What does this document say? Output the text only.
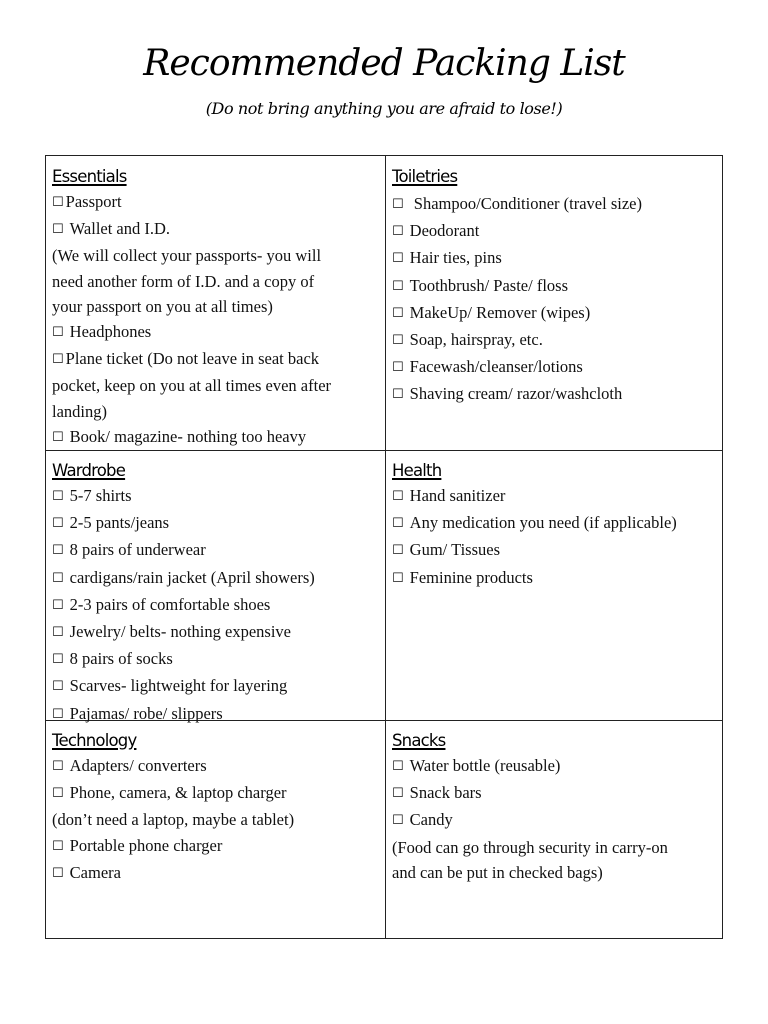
Recommended Packing List
(Do not bring anything you are afraid to lose!)
Essentials
☐ Passport
☐ Wallet and I.D.
(We will collect your passports- you will
need another form of I.D. and a copy of
your passport on you at all times)
☐ Headphones
☐ Plane ticket (Do not leave in seat back
pocket, keep on you at all times even after
landing)
☐ Book/ magazine- nothing too heavy
Toiletries
☐ Shampoo/Conditioner (travel size)
☐ Deodorant
☐ Hair ties, pins
☐ Toothbrush/ Paste/ floss
☐ MakeUp/ Remover (wipes)
☐ Soap, hairspray, etc.
☐ Facewash/cleanser/lotions
☐ Shaving cream/ razor/washcloth
Wardrobe
☐ 5-7 shirts
☐ 2-5 pants/jeans
☐ 8 pairs of underwear
☐ cardigans/rain jacket (April showers)
☐ 2-3 pairs of comfortable shoes
☐ Jewelry/ belts- nothing expensive
☐ 8 pairs of socks
☐ Scarves- lightweight for layering
☐ Pajamas/ robe/ slippers
Health
☐ Hand sanitizer
☐ Any medication you need (if applicable)
☐ Gum/ Tissues
☐ Feminine products
Technology
☐ Adapters/ converters
☐ Phone, camera, & laptop charger
(don’t need a laptop, maybe a tablet)
☐ Portable phone charger
☐ Camera
Snacks
☐ Water bottle (reusable)
☐ Snack bars
☐ Candy
(Food can go through security in carry-on
and can be put in checked bags)
